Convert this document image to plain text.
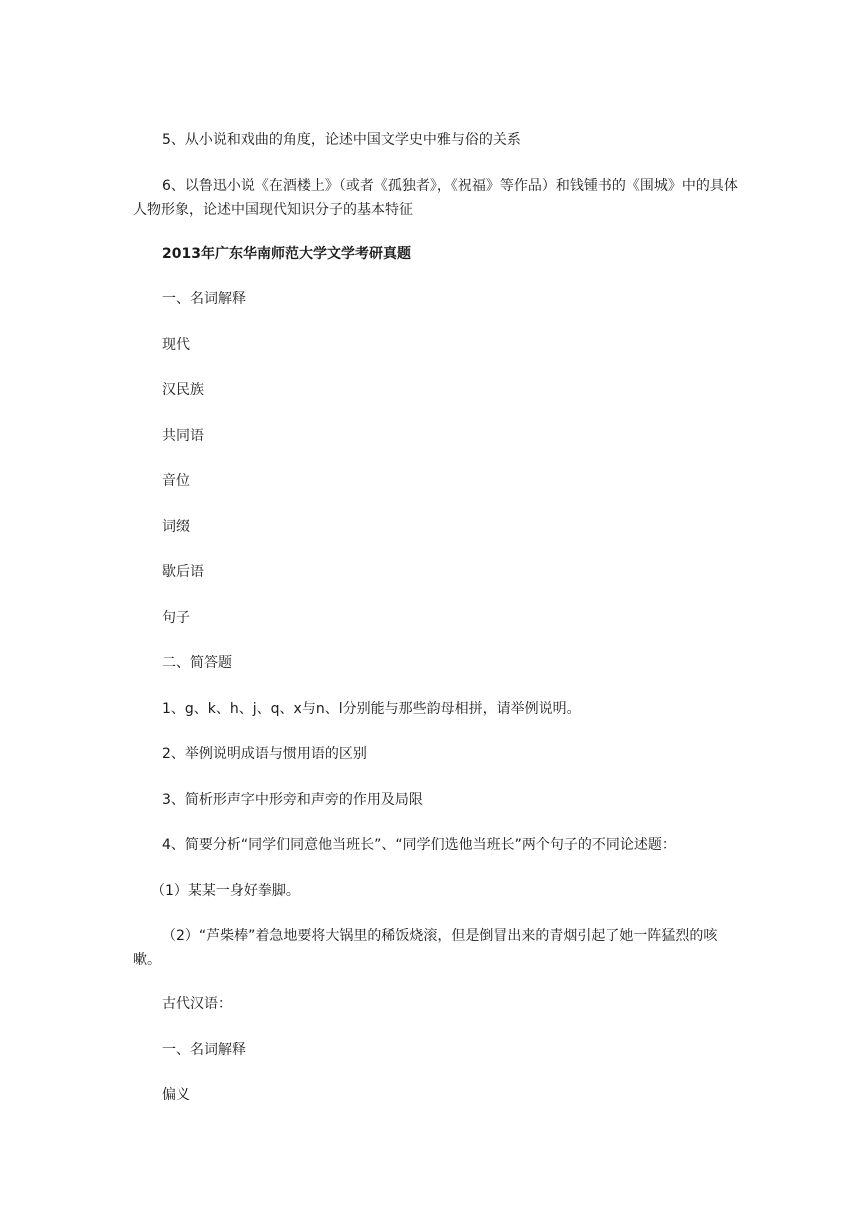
5、从小说和戏曲的角度，论述中国文学史中雅与俗的关系

6、以鲁迅小说《在酒楼上》（或者《孤独者》，《祝福》等作品）和钱锺书的《围城》中的具体人物形象，论述中国现代知识分子的基本特征

2013年广东华南师范大学文学考研真题

一、名词解释

现代

汉民族

共同语

音位

词缀

歇后语

句子

二、简答题

1、g、k、h、j、q、x与n、l分别能与那些韵母相拼，请举例说明。

2、举例说明成语与惯用语的区别

3、简析形声字中形旁和声旁的作用及局限

4、简要分析“同学们同意他当班长”、“同学们选他当班长”两个句子的不同论述题：

（1）某某一身好拳脚。

（2）“芦柴棒”着急地要将大锅里的稀饭烧滚，但是倒冒出来的青烟引起了她一阵猛烈的咳嗽。

古代汉语：

一、名词解释

偏义
